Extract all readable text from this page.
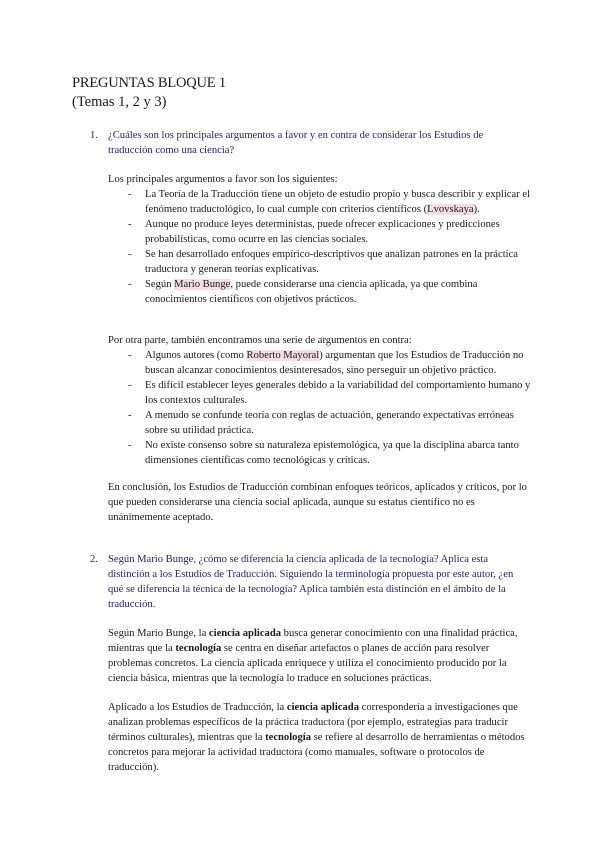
PREGUNTAS BLOQUE 1
(Temas 1, 2 y 3)
1. ¿Cuáles son los principales argumentos a favor y en contra de considerar los Estudios de traducción como una ciencia?
Los principales argumentos a favor son los siguientes:
- La Teoría de la Traducción tiene un objeto de estudio propio y busca describir y explicar el fenómeno traductológico, lo cual cumple con criterios científicos (Lvovskaya).
- Aunque no produce leyes deterministas, puede ofrecer explicaciones y predicciones probabilísticas, como ocurre en las ciencias sociales.
- Se han desarrollado enfoques empírico-descriptivos que analizan patrones en la práctica traductora y generan teorías explicativas.
- Según Mario Bunge, puede considerarse una ciencia aplicada, ya que combina conocimientos científicos con objetivos prácticos.
Por otra parte, también encontramos una serie de argumentos en contra:
- Algunos autores (como Roberto Mayoral) argumentan que los Estudios de Traducción no buscan alcanzar conocimientos desinteresados, sino perseguir un objetivo práctico.
- Es difícil establecer leyes generales debido a la variabilidad del comportamiento humano y los contextos culturales.
- A menudo se confunde teoría con reglas de actuación, generando expectativas erróneas sobre su utilidad práctica.
- No existe consenso sobre su naturaleza epistemológica, ya que la disciplina abarca tanto dimensiones científicas como tecnológicas y críticas.
En conclusión, los Estudios de Traducción combinan enfoques teóricos, aplicados y críticos, por lo que pueden considerarse una ciencia social aplicada, aunque su estatus científico no es unánimemente aceptado.
2. Según Mario Bunge, ¿cómo se diferencia la ciencia aplicada de la tecnología? Aplica esta distinción a los Estudios de Traducción. Siguiendo la terminología propuesta por este autor, ¿en qué se diferencia la técnica de la tecnología? Aplica también esta distinción en el ámbito de la traducción.
Según Mario Bunge, la ciencia aplicada busca generar conocimiento con una finalidad práctica, mientras que la tecnología se centra en diseñar artefactos o planes de acción para resolver problemas concretos. La ciencia aplicada enriquece y utiliza el conocimiento producido por la ciencia básica, mientras que la tecnología lo traduce en soluciones prácticas.
Aplicado a los Estudios de Traducción, la ciencia aplicada correspondería a investigaciones que analizan problemas específicos de la práctica traductora (por ejemplo, estrategias para traducir términos culturales), mientras que la tecnología se refiere al desarrollo de herramientas o métodos concretos para mejorar la actividad traductora (como manuales, software o protocolos de traducción).
